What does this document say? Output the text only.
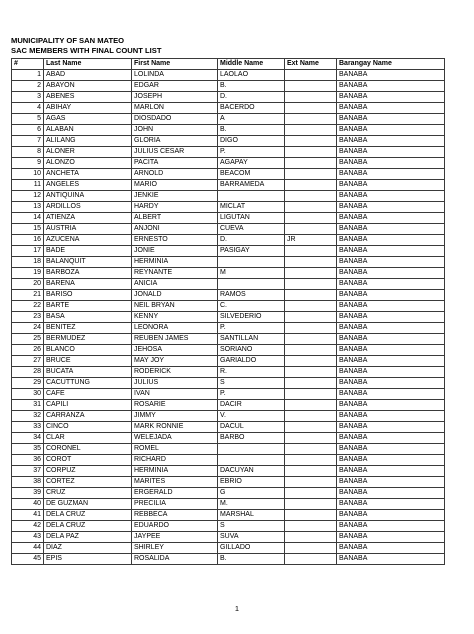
MUNICIPALITY OF SAN MATEO
SAC MEMBERS WITH FINAL COUNT LIST
#	Last Name	First Name	Middle Name	Ext Name	Barangay Name
1	ABAD	LOLINDA	LAOLAO		BANABA
2	ABAYON	EDGAR	B.		BANABA
3	ABENES	JOSEPH	D.		BANABA
4	ABIHAY	MARLON	BACERDO		BANABA
5	AGAS	DIOSDADO	A		BANABA
6	ALABAN	JOHN	B.		BANABA
7	ALILANG	GLORIA	DIGO		BANABA
8	ALONER	JULIUS CESAR	P.		BANABA
9	ALONZO	PACITA	AGAPAY		BANABA
10	ANCHETA	ARNOLD	BEACOM		BANABA
11	ANGELES	MARIO	BARRAMEDA		BANABA
12	ANTIQUINA	JENKIE			BANABA
13	ARDILLOS	HARDY	MICLAT		BANABA
14	ATIENZA	ALBERT	LIGUTAN		BANABA
15	AUSTRIA	ANJONI	CUEVA		BANABA
16	AZUCENA	ERNESTO	D.	JR	BANABA
17	BADE	JONIE	PASIGAY		BANABA
18	BALANQUIT	HERMINIA			BANABA
19	BARBOZA	REYNANTE	M		BANABA
20	BARENA	ANICIA			BANABA
21	BARISO	JONALD	RAMOS		BANABA
22	BARTE	NEIL BRYAN	C.		BANABA
23	BASA	KENNY	SILVEDERIO		BANABA
24	BENITEZ	LEONORA	P.		BANABA
25	BERMUDEZ	REUBEN JAMES	SANTILLAN		BANABA
26	BLANCO	JEHOSA	SORIANO		BANABA
27	BRUCE	MAY JOY	GARIALDO		BANABA
28	BUCATA	RODERICK	R.		BANABA
29	CACUTTUNG	JULIUS	S		BANABA
30	CAFE	IVAN	P.		BANABA
31	CAPILI	ROSARIE	DACIR		BANABA
32	CARRANZA	JIMMY	V.		BANABA
33	CINCO	MARK RONNIE	DACUL		BANABA
34	CLAR	WELEJADA	BARBO		BANABA
35	CORONEL	ROMEL			BANABA
36	COROT	RICHARD			BANABA
37	CORPUZ	HERMINIA	DACUYAN		BANABA
38	CORTEZ	MARITES	EBRIO		BANABA
39	CRUZ	ERGERALD	G		BANABA
40	DE GUZMAN	PRECILIA	M.		BANABA
41	DELA CRUZ	REBBECA	MARSHAL		BANABA
42	DELA CRUZ	EDUARDO	S		BANABA
43	DELA PAZ	JAYPEE	SUVA		BANABA
44	DIAZ	SHIRLEY	GILLADO		BANABA
45	EPIS	ROSALIDA	B.		BANABA
1
